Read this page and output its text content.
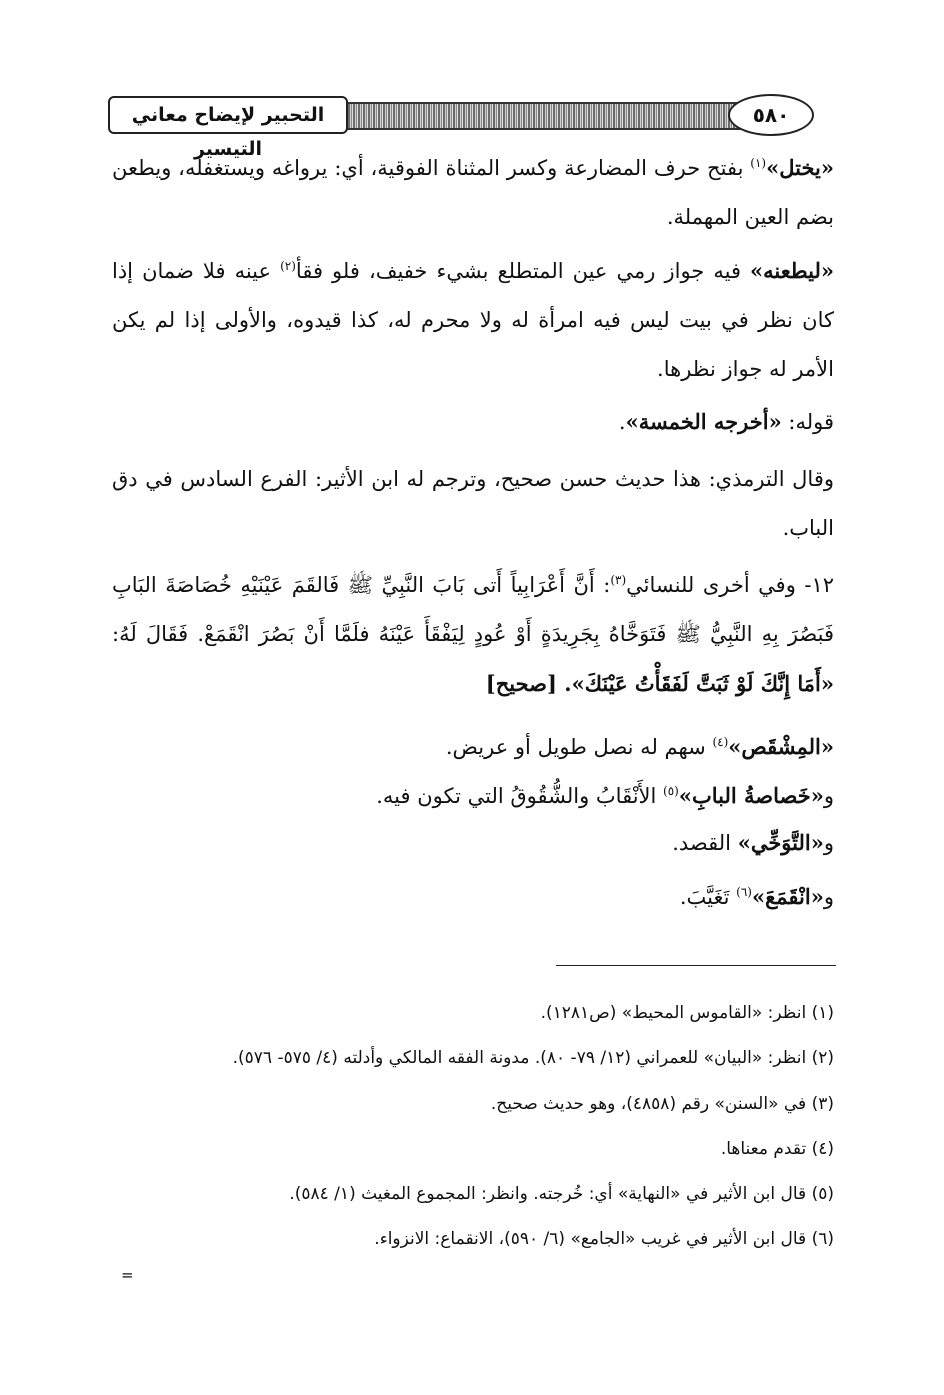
التحبير لإيضاح معاني التيسير
٥٨٠
«يختل»$^{(١)}$ بفتح حرف المضارعة وكسر المثناة الفوقية، أي: يرواغه ويستغفله، ويطعن بضم العين المهملة.
«ليطعنه» فيه جواز رمي عين المتطلع بشيء خفيف، فلو فقأ$^{(٢)}$ عينه فلا ضمان إذا كان نظر في بيت ليس فيه امرأة له ولا محرم له، كذا قيدوه، والأولى إذا لم يكن الأمر له جواز نظرها.
قوله: «أخرجه الخمسة».
وقال الترمذي: هذا حديث حسن صحيح، وترجم له ابن الأثير: الفرع السادس في دق الباب.
١٢- وفي أخرى للنسائي$^{(٣)}$: أَنَّ أَعْرَابِياً أَتى بَابَ النَّبِيِّ ﷺ فَالقَمَ عَيْنَيْهِ خُصَاصَةَ البَابِ فَبَصُرَ بِهِ النَّبِيُّ ﷺ فَتَوَخَّاهُ بِجَرِيدَةٍ أَوْ عُودٍ لِيَفْقَأَ عَيْنَهُ فلَمَّا أَنْ بَصُرَ انْقَمَعْ. فَقَالَ لَهُ: «أَمَا إِنَّكَ لَوْ ثَبَتَّ لَفَقَأْتُ عَيْنَكَ». [صحيح]
«المِشْقَص»$^{(٤)}$ سهم له نصل طويل أو عريض.
و«خَصاصةُ البابِ»$^{(٥)}$ الأَنْقَابُ والشُّقُوقُ التي تكون فيه.
و«التَّوَخِّي» القصد.
و«انْقَمَعَ»$^{(٦)}$ تَغَيَّبَ.
(١) انظر: «القاموس المحيط» (ص١٢٨١).
(٢) انظر: «البيان» للعمراني (١٢/ ٧٩- ٨٠). مدونة الفقه المالكي وأدلته (٤/ ٥٧٥- ٥٧٦).
(٣) في «السنن» رقم (٤٨٥٨)، وهو حديث صحيح.
(٤) تقدم معناها.
(٥) قال ابن الأثير في «النهاية» أي: خُرجته. وانظر: المجموع المغيث (١/ ٥٨٤).
(٦) قال ابن الأثير في غريب «الجامع» (٦/ ٥٩٠)، الانقماع: الانزواء.
=
